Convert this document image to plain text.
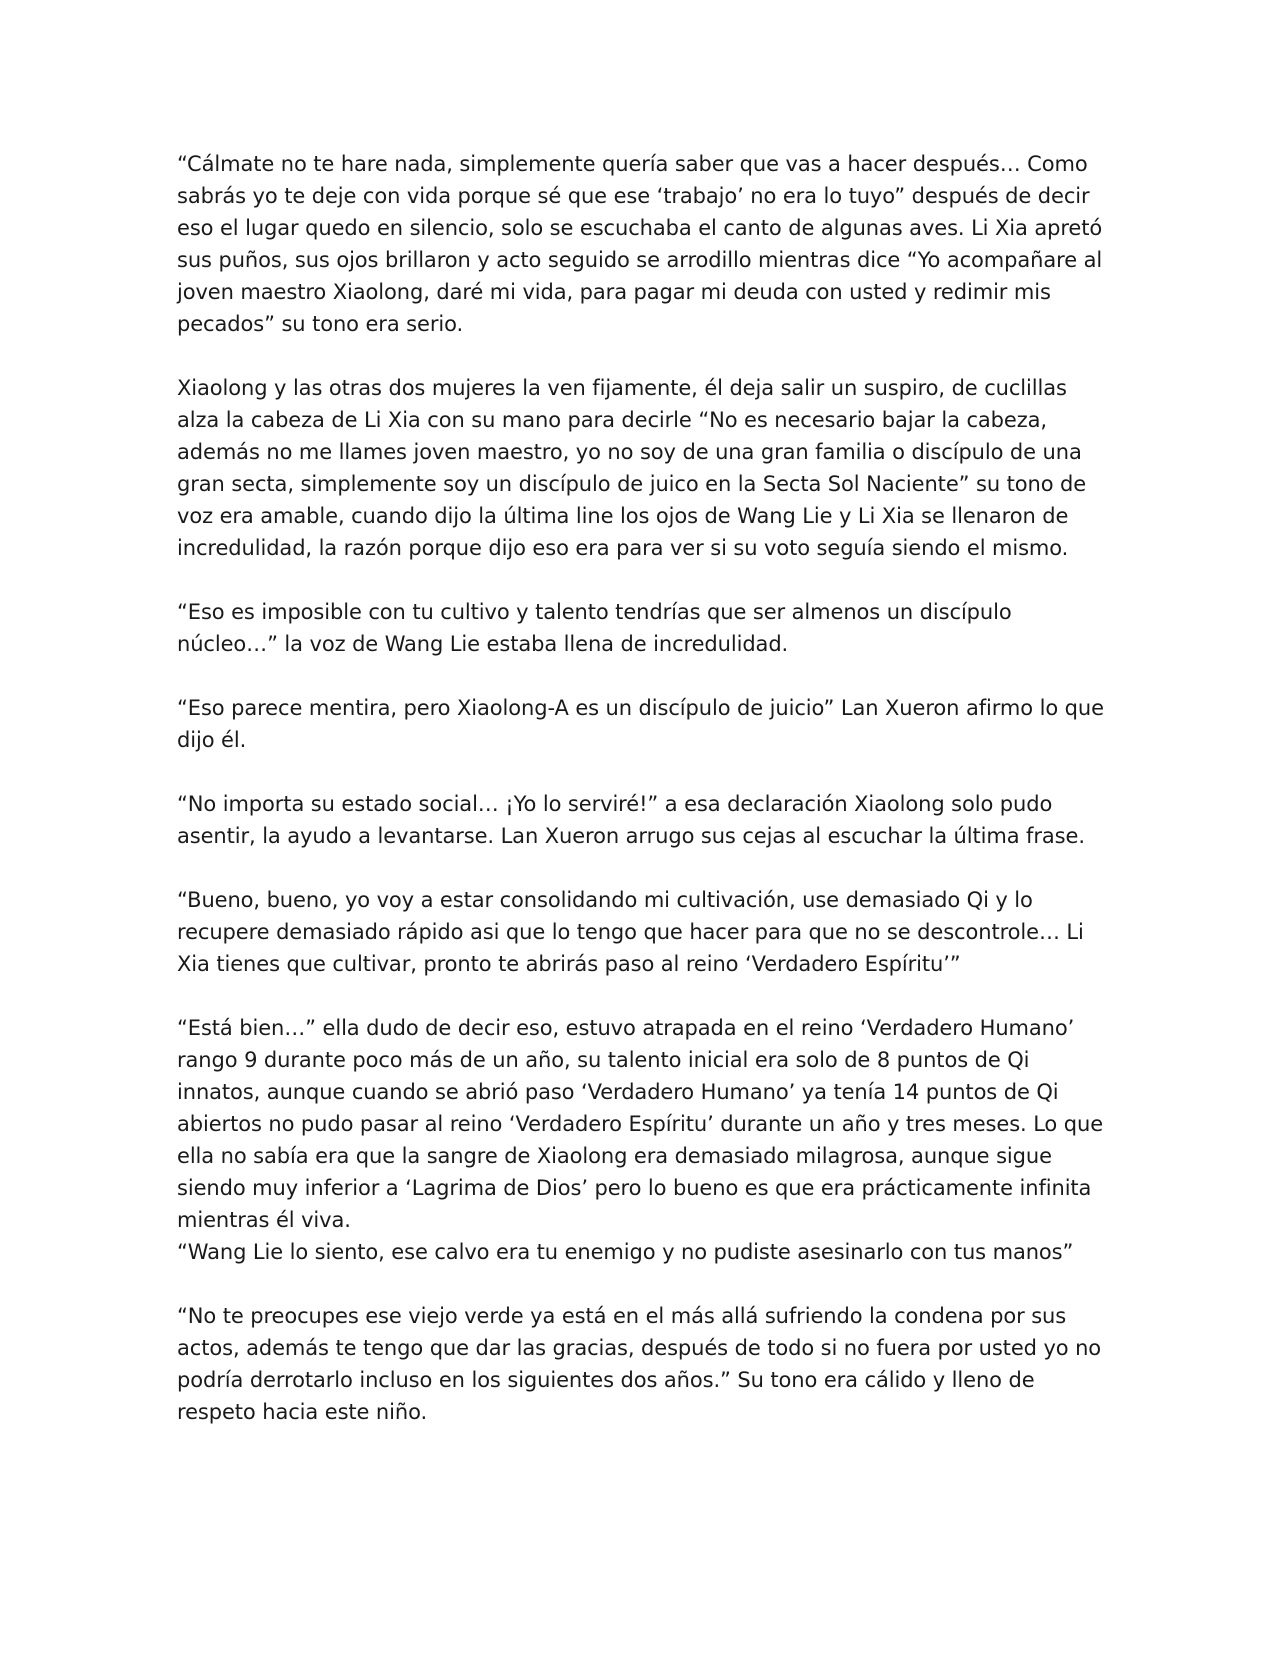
“Cálmate no te hare nada, simplemente quería saber que vas a hacer después… Como sabrás yo te deje con vida porque sé que ese ‘trabajo’ no era lo tuyo” después de decir eso el lugar quedo en silencio, solo se escuchaba el canto de algunas aves. Li Xia apretó sus puños, sus ojos brillaron y acto seguido se arrodillo mientras dice “Yo acompañare al joven maestro Xiaolong, daré mi vida, para pagar mi deuda con usted y redimir mis pecados” su tono era serio.

Xiaolong y las otras dos mujeres la ven fijamente, él deja salir un suspiro, de cuclillas alza la cabeza de Li Xia con su mano para decirle “No es necesario bajar la cabeza, además no me llames joven maestro, yo no soy de una gran familia o discípulo de una gran secta, simplemente soy un discípulo de juico en la Secta Sol Naciente” su tono de voz era amable, cuando dijo la última line los ojos de Wang Lie y Li Xia se llenaron de incredulidad, la razón porque dijo eso era para ver si su voto seguía siendo el mismo.

“Eso es imposible con tu cultivo y talento tendrías que ser almenos un discípulo núcleo…” la voz de Wang Lie estaba llena de incredulidad.

“Eso parece mentira, pero Xiaolong-A es un discípulo de juicio” Lan Xueron afirmo lo que dijo él.

“No importa su estado social… ¡Yo lo serviré!” a esa declaración Xiaolong solo pudo asentir, la ayudo a levantarse. Lan Xueron arrugo sus cejas al escuchar la última frase.

“Bueno, bueno, yo voy a estar consolidando mi cultivación, use demasiado Qi y lo recupere demasiado rápido asi que lo tengo que hacer para que no se descontrole… Li Xia tienes que cultivar, pronto te abrirás paso al reino ‘Verdadero Espíritu’”

“Está bien…” ella dudo de decir eso, estuvo atrapada en el reino ‘Verdadero Humano’ rango 9 durante poco más de un año, su talento inicial era solo de 8 puntos de Qi innatos, aunque cuando se abrió paso ‘Verdadero Humano’ ya tenía 14 puntos de Qi abiertos no pudo pasar al reino ‘Verdadero Espíritu’ durante un año y tres meses. Lo que ella no sabía era que la sangre de Xiaolong era demasiado milagrosa, aunque sigue siendo muy inferior a ‘Lagrima de Dios’ pero lo bueno es que era prácticamente infinita mientras él viva.

“Wang Lie lo siento, ese calvo era tu enemigo y no pudiste asesinarlo con tus manos”

“No te preocupes ese viejo verde ya está en el más allá sufriendo la condena por sus actos, además te tengo que dar las gracias, después de todo si no fuera por usted yo no podría derrotarlo incluso en los siguientes dos años.” Su tono era cálido y lleno de respeto hacia este niño.
